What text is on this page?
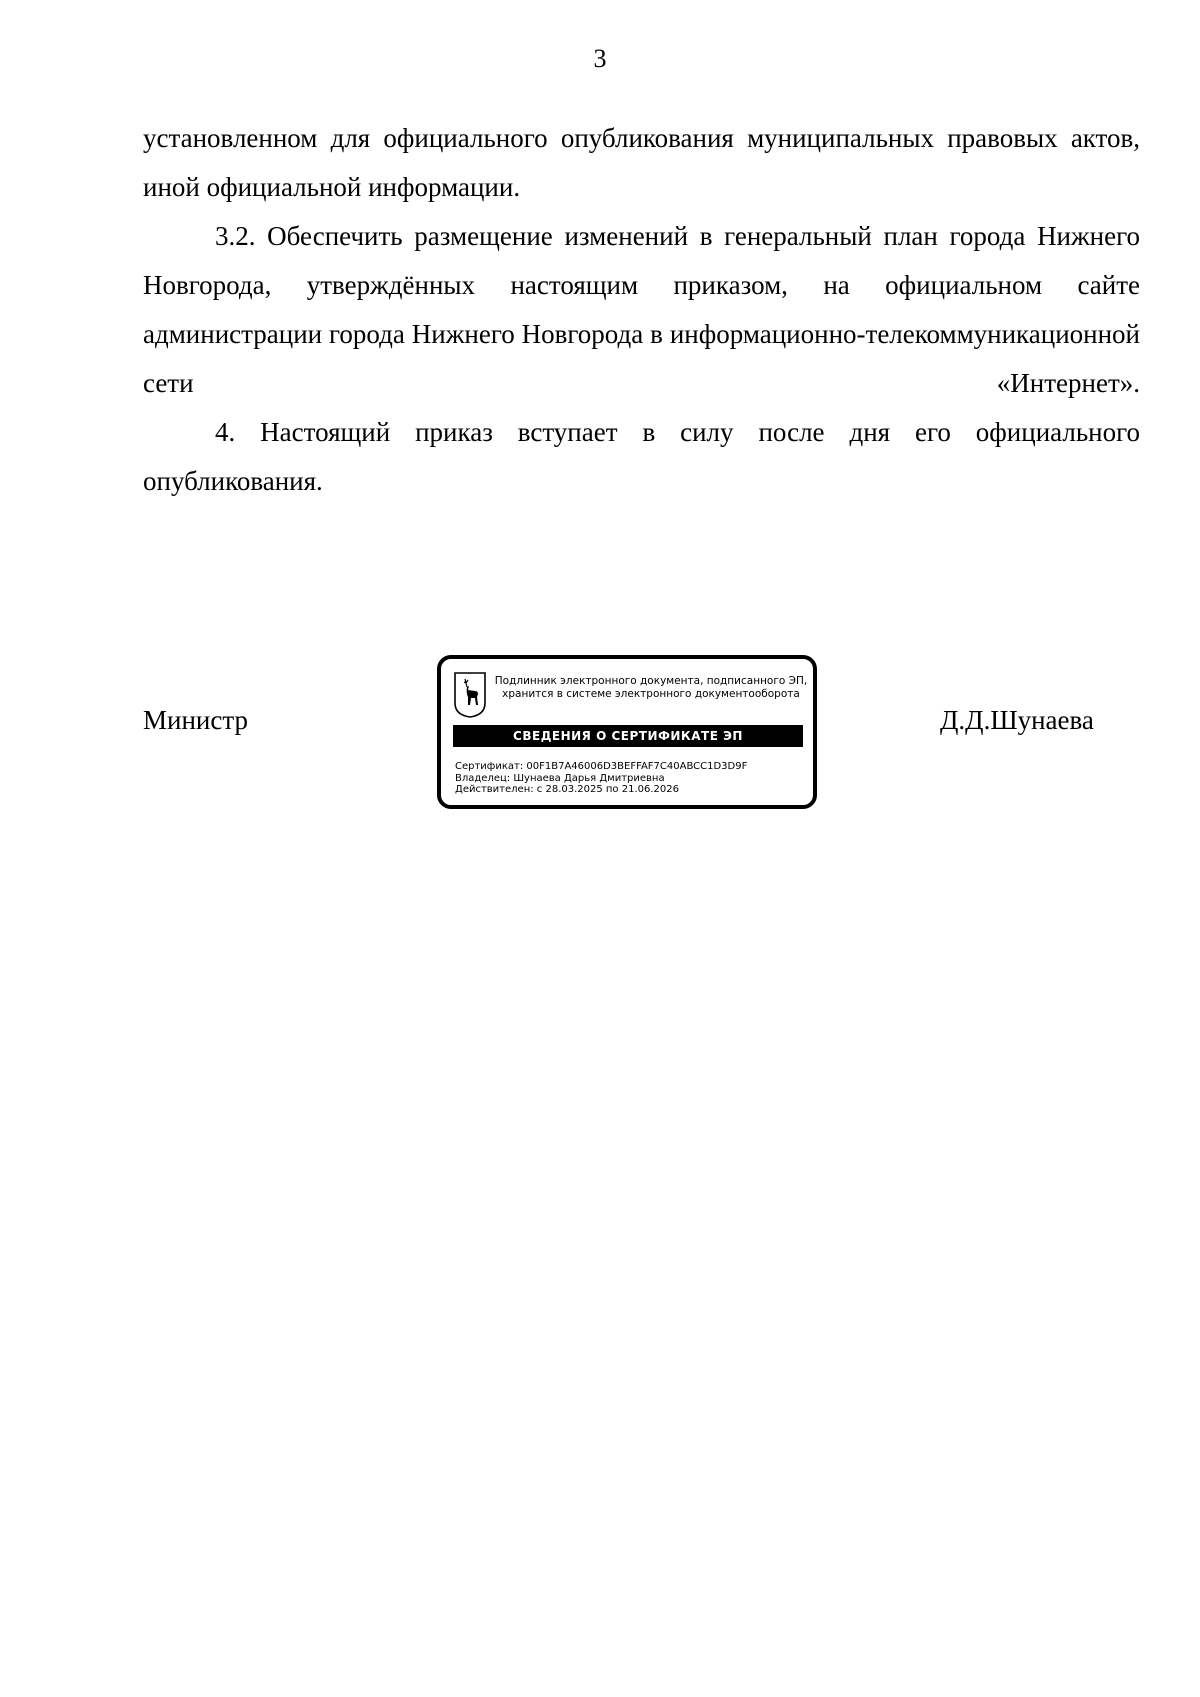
3

установленном для официального опубликования муниципальных правовых актов, иной официальной информации.

3.2. Обеспечить размещение изменений в генеральный план города Нижнего Новгорода, утверждённых настоящим приказом, на официальном сайте администрации города Нижнего Новгорода в информационно-телекоммуникационной сети «Интернет».

4. Настоящий приказ вступает в силу после дня его официального опубликования.

Министр
Подлинник электронного документа, подписанного ЭП,
хранится в системе электронного документооборота
СВЕДЕНИЯ О СЕРТИФИКАТЕ ЭП
Сертификат: 00F1B7A46006D3BEFFAF7C40ABCC1D3D9F
Владелец: Шунаева Дарья Дмитриевна
Действителен: с 28.03.2025 по 21.06.2026
Д.Д.Шунаева
